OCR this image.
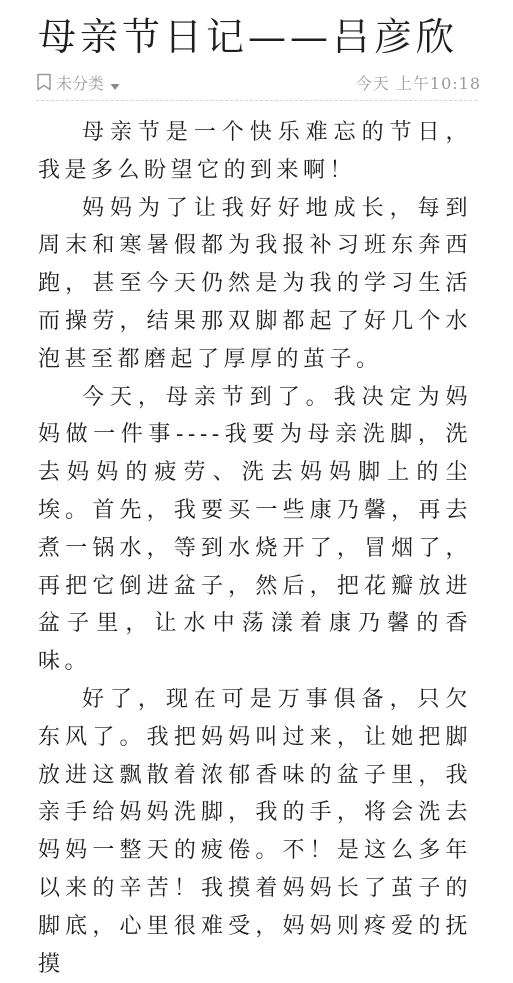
母亲节日记——吕彦欣
未分类	今天 上午10:18

母亲节是一个快乐难忘的节日，我是多么盼望它的到来啊！

妈妈为了让我好好地成长，每到周末和寒暑假都为我报补习班东奔西跑，甚至今天仍然是为我的学习生活而操劳，结果那双脚都起了好几个水泡甚至都磨起了厚厚的茧子。

今天，母亲节到了。我决定为妈妈做一件事----我要为母亲洗脚，洗去妈妈的疲劳、洗去妈妈脚上的尘埃。首先，我要买一些康乃馨，再去煮一锅水，等到水烧开了，冒烟了，再把它倒进盆子，然后，把花瓣放进盆子里，让水中荡漾着康乃馨的香味。

好了，现在可是万事俱备，只欠东风了。我把妈妈叫过来，让她把脚放进这飘散着浓郁香味的盆子里，我亲手给妈妈洗脚，我的手，将会洗去妈妈一整天的疲倦。不！是这么多年以来的辛苦！我摸着妈妈长了茧子的脚底，心里很难受，妈妈则疼爱的抚摸
